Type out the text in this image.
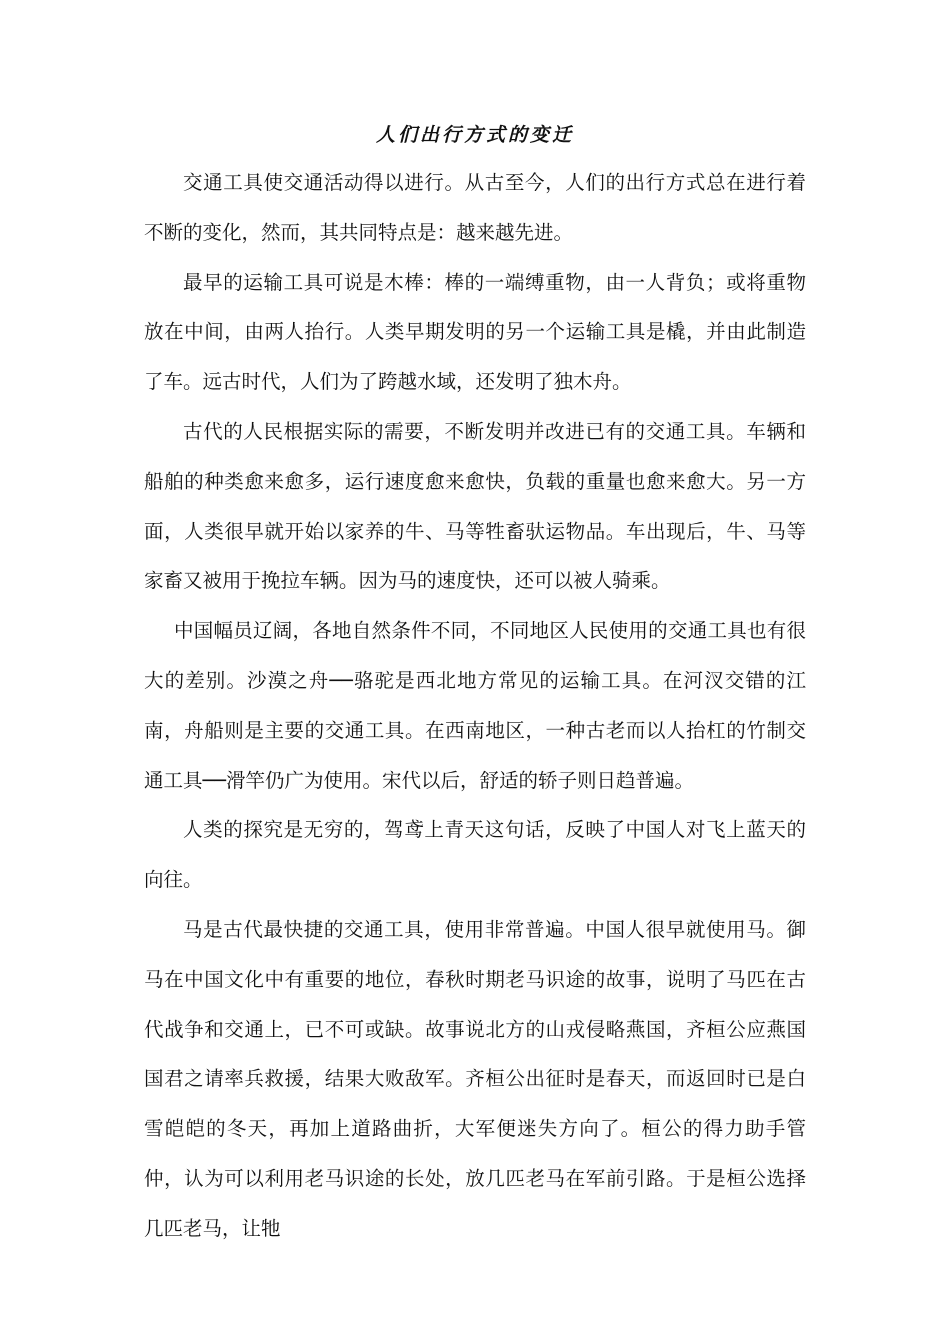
人们出行方式的变迁

交通工具使交通活动得以进行。从古至今，人们的出行方式总在进行着不断的变化，然而，其共同特点是：越来越先进。

最早的运输工具可说是木棒：棒的一端缚重物，由一人背负；或将重物放在中间，由两人抬行。人类早期发明的另一个运输工具是橇，并由此制造了车。远古时代，人们为了跨越水域，还发明了独木舟。

古代的人民根据实际的需要，不断发明并改进已有的交通工具。车辆和船舶的种类愈来愈多，运行速度愈来愈快，负载的重量也愈来愈大。另一方面，人类很早就开始以家养的牛、马等牲畜驮运物品。车出现后，牛、马等家畜又被用于挽拉车辆。因为马的速度快，还可以被人骑乘。

中国幅员辽阔，各地自然条件不同，不同地区人民使用的交通工具也有很大的差别。沙漠之舟──骆驼是西北地方常见的运输工具。在河汊交错的江南，舟船则是主要的交通工具。在西南地区，一种古老而以人抬杠的竹制交通工具──滑竿仍广为使用。宋代以后，舒适的轿子则日趋普遍。

人类的探究是无穷的，驾鸢上青天这句话，反映了中国人对飞上蓝天的向往。

马是古代最快捷的交通工具，使用非常普遍。中国人很早就使用马。御马在中国文化中有重要的地位，春秋时期老马识途的故事，说明了马匹在古代战争和交通上，已不可或缺。故事说北方的山戎侵略燕国，齐桓公应燕国国君之请率兵救援，结果大败敌军。齐桓公出征时是春天，而返回时已是白雪皑皑的冬天，再加上道路曲折，大军便迷失方向了。桓公的得力助手管仲，认为可以利用老马识途的长处，放几匹老马在军前引路。于是桓公选择几匹老马，让牠
